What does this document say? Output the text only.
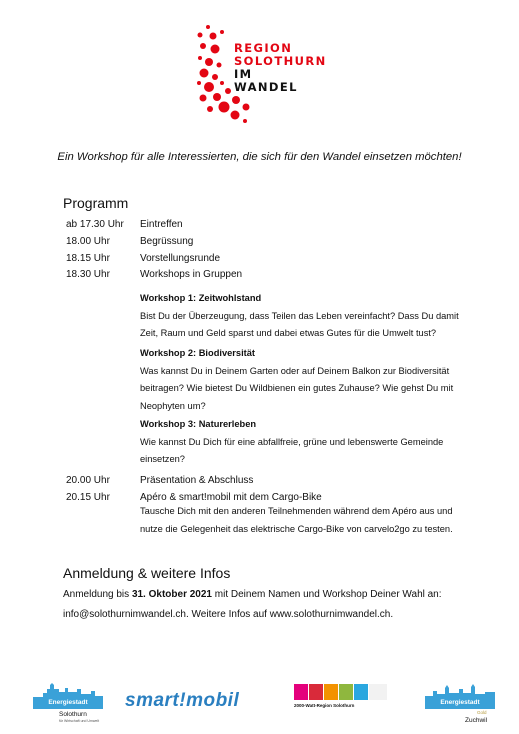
REGION
SOLOTHURN
IM
WANDEL
Ein Workshop für alle Interessierten, die sich für den Wandel einsetzen möchten!
Programm
ab 17.30 Uhr Eintreffen
18.00 Uhr	Begrüssung
18.15 Uhr	Vorstellungsrunde
18.30 Uhr	Workshops in Gruppen
Workshop 1: Zeitwohlstand
Bist Du der Überzeugung, dass Teilen das Leben vereinfacht? Dass Du damit Zeit, Raum und Geld sparst und dabei etwas Gutes für die Umwelt tust?
Workshop 2: Biodiversität
Was kannst Du in Deinem Garten oder auf Deinem Balkon zur Biodiversität beitragen? Wie bietest Du Wildbienen ein gutes Zuhause? Wie gehst Du mit Neophyten um?
Workshop 3: Naturerleben
Wie kannst Du Dich für eine abfallfreie, grüne und lebenswerte Gemeinde einsetzen?
20.00 Uhr	Präsentation & Abschluss
20.15 Uhr	Apéro & smart!mobil mit dem Cargo-Bike
Tausche Dich mit den anderen Teilnehmenden während dem Apéro aus und nutze die Gelegenheit das elektrische Cargo-Bike von carvelo2go zu testen.
Anmeldung & weitere Infos
Anmeldung bis 31. Oktober 2021 mit Deinem Namen und Workshop Deiner Wahl an: info@solothurnimwandel.ch. Weitere Infos auf www.solothurnimwandel.ch.
Energiestadt
Solothurn
für Wirtschaft und Umwelt
smart!mobil	2000-Watt-Region Solothurn	Energiestadt
Gold
Zuchwil
